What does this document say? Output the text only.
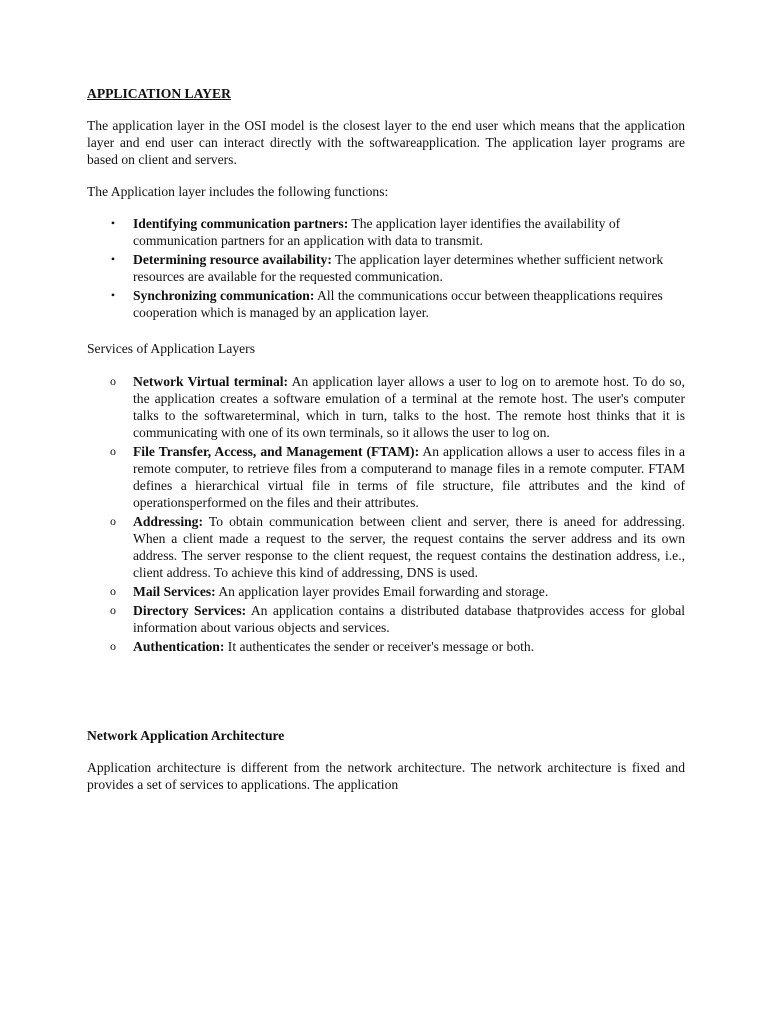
APPLICATION LAYER

The application layer in the OSI model is the closest layer to the end user which means that the application layer and end user can interact directly with the softwareapplication. The application layer programs are based on client and servers.

The Application layer includes the following functions:

• Identifying communication partners: The application layer identifies the availability of communication partners for an application with data to transmit.
• Determining resource availability: The application layer determines whether sufficient network resources are available for the requested communication.
• Synchronizing communication: All the communications occur between theapplications requires cooperation which is managed by an application layer.

Services of Application Layers

o Network Virtual terminal: An application layer allows a user to log on to aremote host. To do so, the application creates a software emulation of a terminal at the remote host. The user's computer talks to the softwareterminal, which in turn, talks to the host. The remote host thinks that it is communicating with one of its own terminals, so it allows the user to log on.
o File Transfer, Access, and Management (FTAM): An application allows a user to access files in a remote computer, to retrieve files from a computerand to manage files in a remote computer. FTAM defines a hierarchical virtual file in terms of file structure, file attributes and the kind of operationsperformed on the files and their attributes.
o Addressing: To obtain communication between client and server, there is aneed for addressing. When a client made a request to the server, the request contains the server address and its own address. The server response to the client request, the request contains the destination address, i.e., client address. To achieve this kind of addressing, DNS is used.
o Mail Services: An application layer provides Email forwarding and storage.
o Directory Services: An application contains a distributed database thatprovides access for global information about various objects and services.
o Authentication: It authenticates the sender or receiver's message or both.

Network Application Architecture

Application architecture is different from the network architecture. The network architecture is fixed and provides a set of services to applications. The application
